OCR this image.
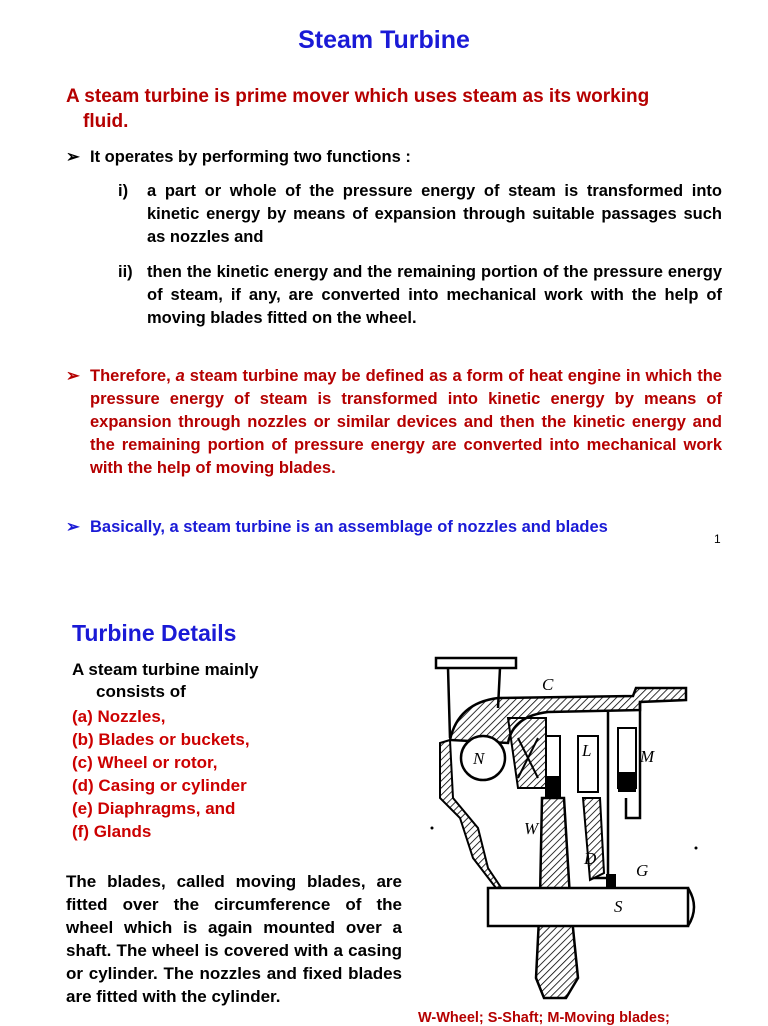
Steam Turbine
A steam turbine is prime mover which uses steam as its working
fluid.
➢ It operates by performing two functions :
i) a part or whole of the pressure energy of steam is transformed into kinetic energy by means of expansion through suitable passages such as nozzles and
ii) then the kinetic energy and the remaining portion of the pressure energy of steam, if any, are converted into mechanical work with the help of moving blades fitted on the wheel.
➢ Therefore, a steam turbine may be defined as a form of heat engine in which the pressure energy of steam is transformed into kinetic energy by means of expansion through nozzles or similar devices and then the kinetic energy and the remaining portion of pressure energy are converted into mechanical work with the help of moving blades.
➢ Basically, a steam turbine is an assemblage of nozzles and blades
1
Turbine Details
A steam turbine mainly
consists of
(a) Nozzles,
(b) Blades or buckets,
(c) Wheel or rotor,
(d) Casing or cylinder
(e) Diaphragms, and
(f) Glands
The blades, called moving blades, are fitted over the circumference of the wheel which is again mounted over a shaft. The wheel is covered with a casing or cylinder. The nozzles and fixed blades are fitted with the cylinder.
C
N	L	M
W
D
G
S
W-Wheel; S-Shaft; M-Moving blades;
